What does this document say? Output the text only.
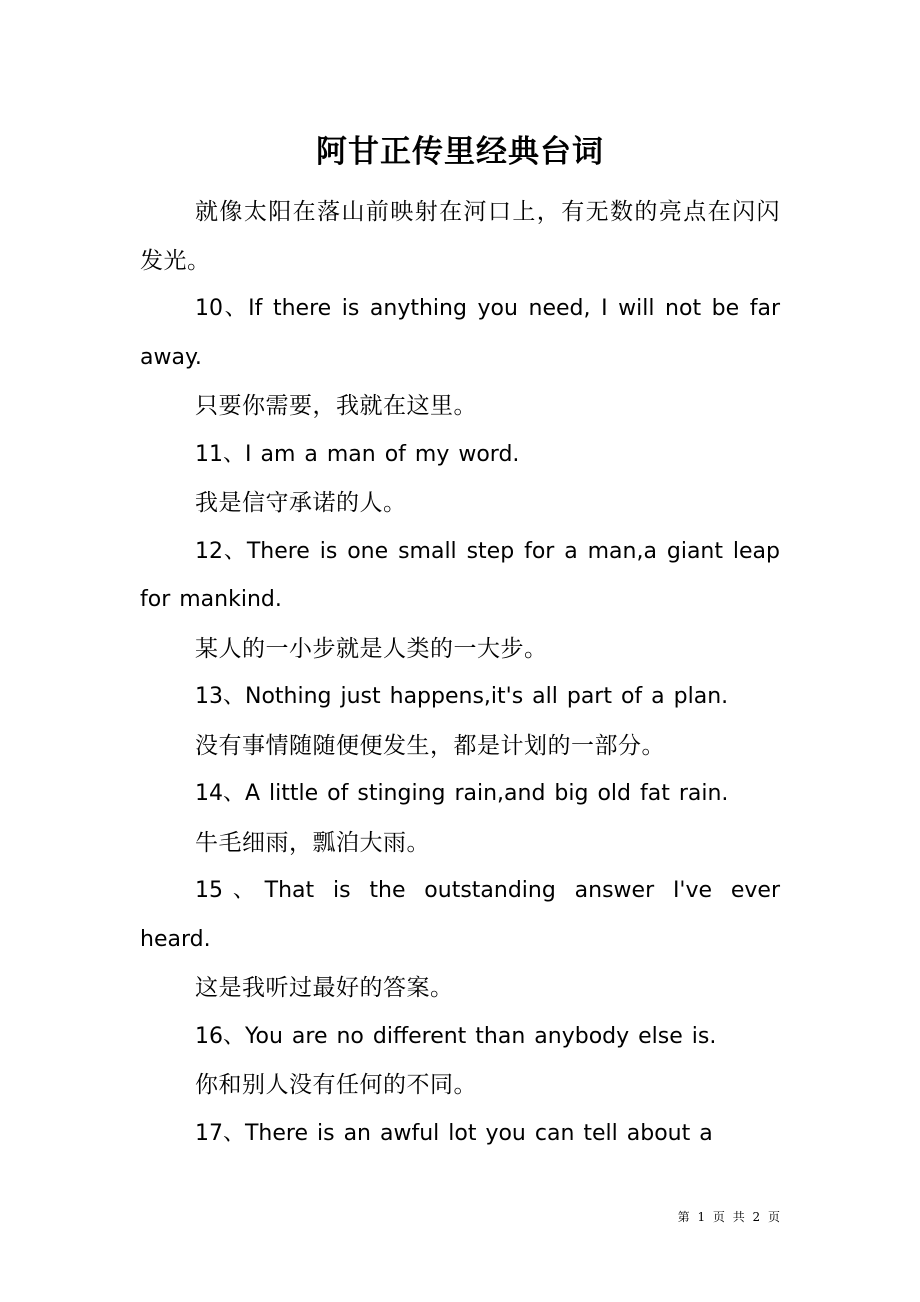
阿甘正传里经典台词

就像太阳在落山前映射在河口上，有无数的亮点在闪闪发光。

10、If there is anything you need, I will not be far away.

只要你需要，我就在这里。

11、I am a man of my word.

我是信守承诺的人。

12、There is one small step for a man,a giant leap for mankind.

某人的一小步就是人类的一大步。

13、Nothing just happens,it's all part of a plan.

没有事情随随便便发生，都是计划的一部分。

14、A little of stinging rain,and big old fat rain.

牛毛细雨，瓢泊大雨。

15、That is the outstanding answer I've ever heard.

这是我听过最好的答案。

16、You are no different than anybody else is.

你和别人没有任何的不同。

17、There is an awful lot you can tell about a

第 1 页 共 2 页
